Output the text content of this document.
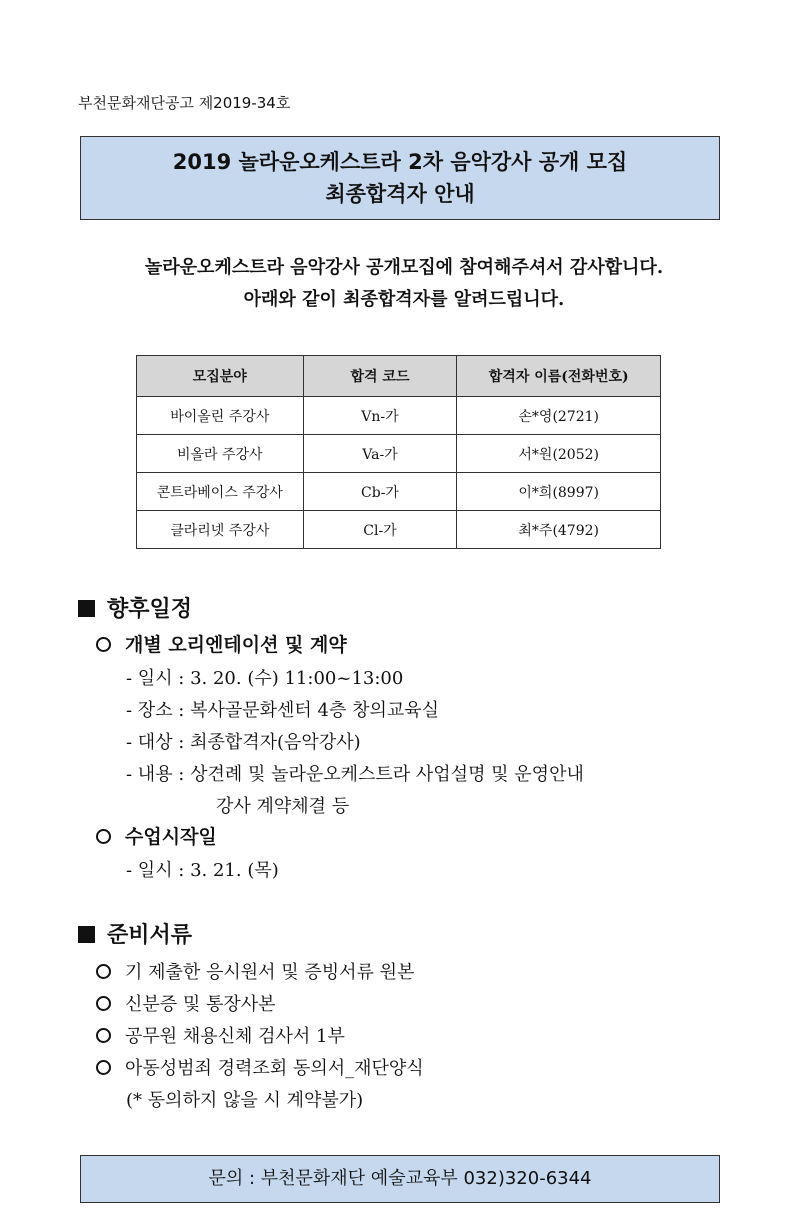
부천문화재단공고 제2019-34호
2019 놀라운오케스트라 2차 음악강사 공개 모집
최종합격자 안내
놀라운오케스트라 음악강사 공개모집에 참여해주셔서 감사합니다.
아래와 같이 최종합격자를 알려드립니다.
모집분야	합격 코드	합격자 이름(전화번호)
바이올린 주강사	Vn-가	손*영(2721)
비올라 주강사	Va-가	서*원(2052)
콘트라베이스 주강사	Cb-가	이*희(8997)
클라리넷 주강사	Cl-가	최*주(4792)
향후일정
개별 오리엔테이션 및 계약
- 일시 : 3. 20. (수) 11:00~13:00
- 장소 : 복사골문화센터 4층 창의교육실
- 대상 : 최종합격자(음악강사)
- 내용 : 상견례 및 놀라운오케스트라 사업설명 및 운영안내
강사 계약체결 등
수업시작일
- 일시 : 3. 21. (목)
준비서류
기 제출한 응시원서 및 증빙서류 원본
신분증 및 통장사본
공무원 채용신체 검사서 1부
아동성범죄 경력조회 동의서_재단양식
(* 동의하지 않을 시 계약불가)
문의 : 부천문화재단 예술교육부 032)320-6344
